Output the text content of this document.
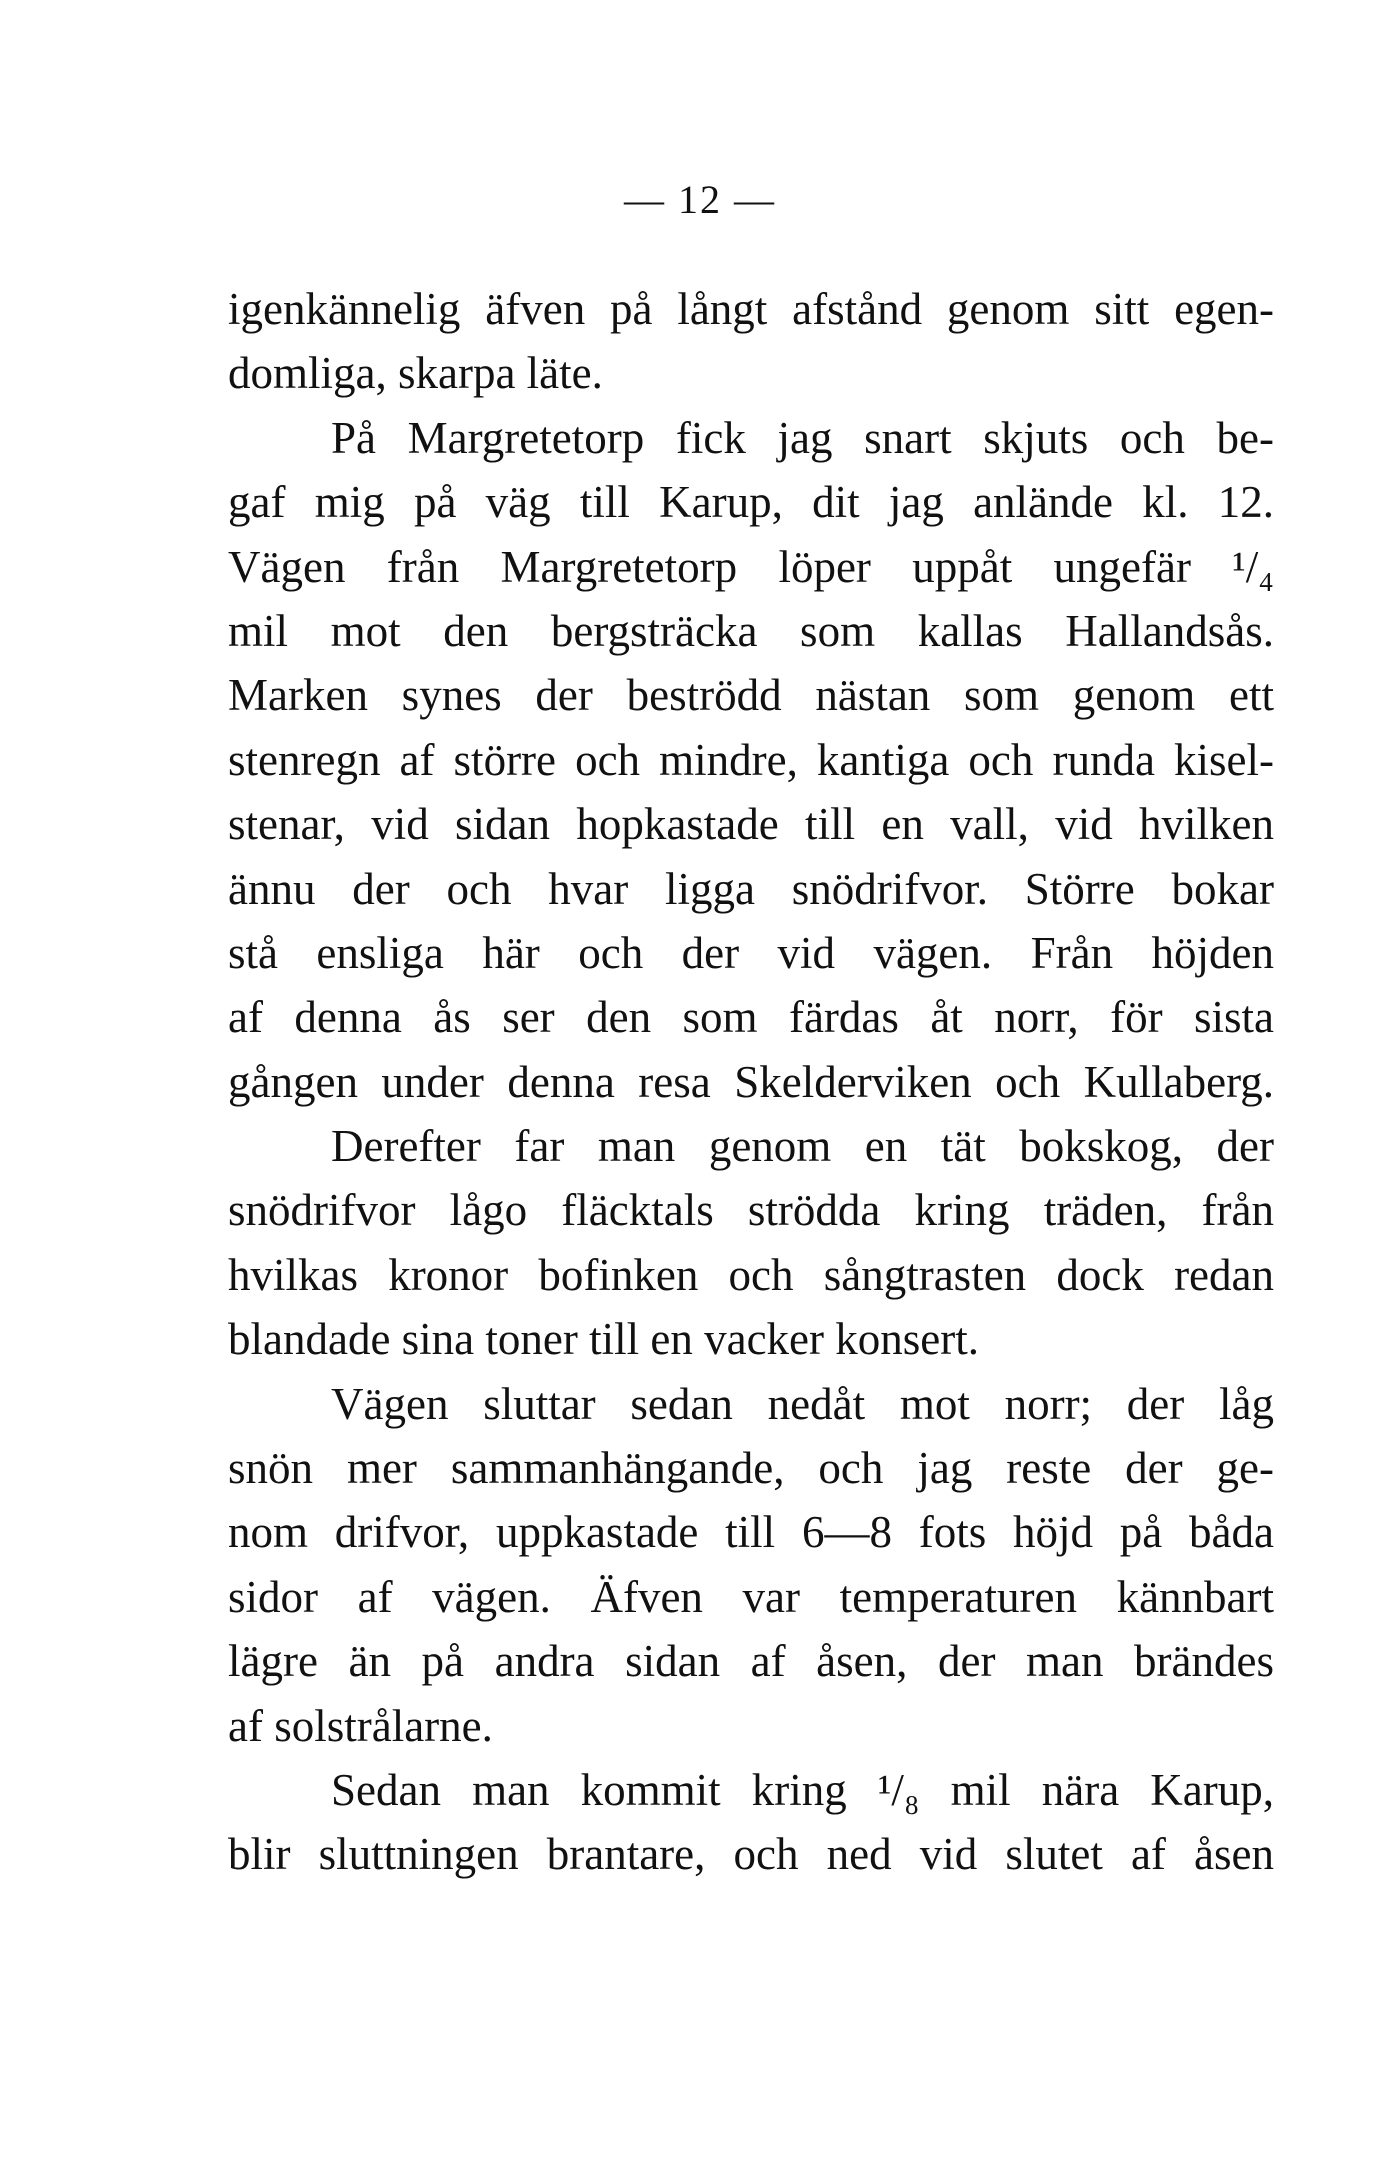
— 12 —
igenkännelig äfven på långt afstånd genom sitt egen-
domliga, skarpa läte.
På Margretetorp fick jag snart skjuts och be-
gaf mig på väg till Karup, dit jag anlände kl. 12.
Vägen från Margretetorp löper uppåt ungefär ¹/₄
mil mot den bergsträcka som kallas Hallandsås.
Marken synes der beströdd nästan som genom ett
stenregn af större och mindre, kantiga och runda kisel-
stenar, vid sidan hopkastade till en vall, vid hvilken
ännu der och hvar ligga snödrifvor. Större bokar
stå ensliga här och der vid vägen. Från höjden
af denna ås ser den som färdas åt norr, för sista
gången under denna resa Skelderviken och Kullaberg.
Derefter far man genom en tät bokskog, der
snödrifvor lågo fläcktals strödda kring träden, från
hvilkas kronor bofinken och sångtrasten dock redan
blandade sina toner till en vacker konsert.
Vägen sluttar sedan nedåt mot norr; der låg
snön mer sammanhängande, och jag reste der ge-
nom drifvor, uppkastade till 6—8 fots höjd på båda
sidor af vägen. Äfven var temperaturen kännbart
lägre än på andra sidan af åsen, der man brändes
af solstrålarne.
Sedan man kommit kring ¹/₈ mil nära Karup,
blir sluttningen brantare, och ned vid slutet af åsen
